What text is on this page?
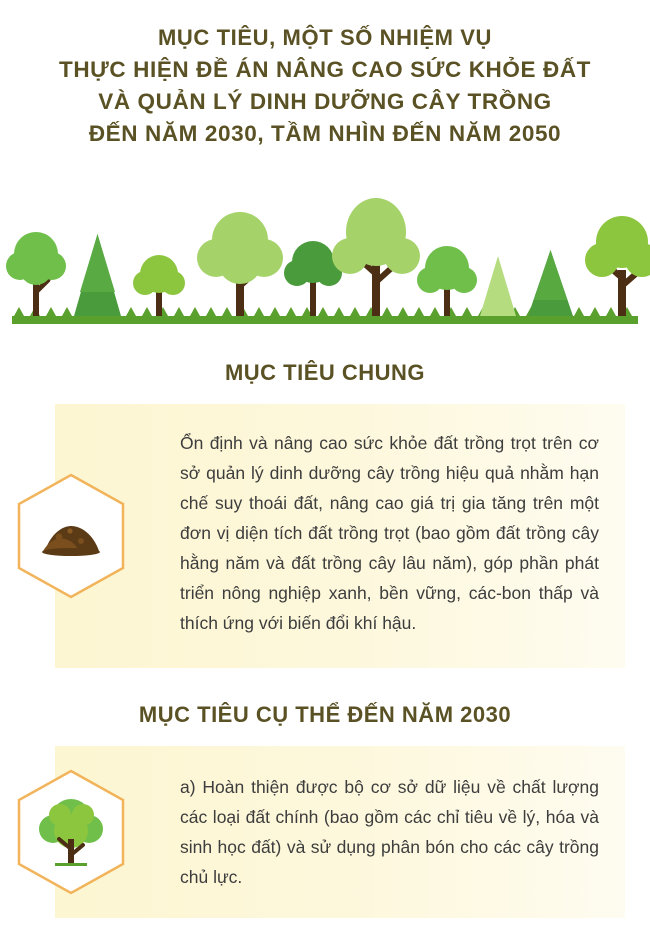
MỤC TIÊU, MỘT SỐ NHIỆM VỤ
THỰC HIỆN ĐỀ ÁN NÂNG CAO SỨC KHỎE ĐẤT
VÀ QUẢN LÝ DINH DƯỠNG CÂY TRỒNG
ĐẾN NĂM 2030, TẦM NHÌN ĐẾN NĂM 2050
MỤC TIÊU CHUNG
Ổn định và nâng cao sức khỏe đất trồng trọt trên cơ sở quản lý dinh dưỡng cây trồng hiệu quả nhằm hạn chế suy thoái đất, nâng cao giá trị gia tăng trên một đơn vị diện tích đất trồng trọt (bao gồm đất trồng cây hằng năm và đất trồng cây lâu năm), góp phần phát triển nông nghiệp xanh, bền vững, các-bon thấp và thích ứng với biến đổi khí hậu.
MỤC TIÊU CỤ THỂ ĐẾN NĂM 2030
a) Hoàn thiện được bộ cơ sở dữ liệu về chất lượng các loại đất chính (bao gồm các chỉ tiêu về lý, hóa và sinh học đất) và sử dụng phân bón cho các cây trồng chủ lực.
